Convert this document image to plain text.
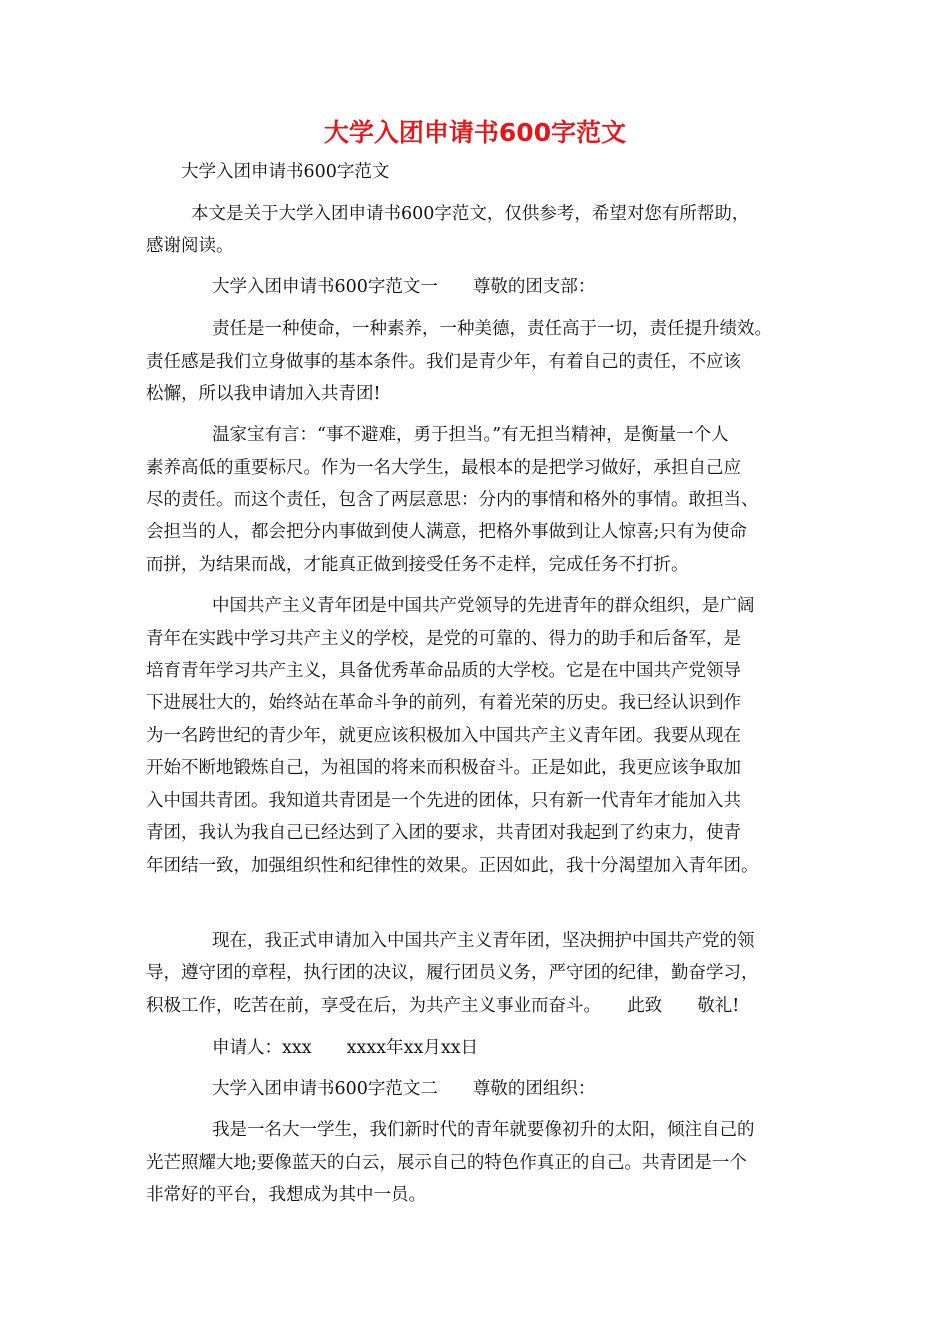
大学入团申请书600字范文
大学入团申请书600字范文
本文是关于大学入团申请书600字范文，仅供参考，希望对您有所帮助，
感谢阅读。
大学入团申请书600字范文一　　尊敬的团支部：
责任是一种使命，一种素养，一种美德，责任高于一切，责任提升绩效。
责任感是我们立身做事的基本条件。我们是青少年，有着自己的责任，不应该
松懈，所以我申请加入共青团!
温家宝有言：“事不避难，勇于担当。”有无担当精神，是衡量一个人
素养高低的重要标尺。作为一名大学生，最根本的是把学习做好，承担自己应
尽的责任。而这个责任，包含了两层意思：分内的事情和格外的事情。敢担当、
会担当的人，都会把分内事做到使人满意，把格外事做到让人惊喜;只有为使命
而拼，为结果而战，才能真正做到接受任务不走样，完成任务不打折。
中国共产主义青年团是中国共产党领导的先进青年的群众组织，是广阔
青年在实践中学习共产主义的学校，是党的可靠的、得力的助手和后备军，是
培育青年学习共产主义，具备优秀革命品质的大学校。它是在中国共产党领导
下进展壮大的，始终站在革命斗争的前列，有着光荣的历史。我已经认识到作
为一名跨世纪的青少年，就更应该积极加入中国共产主义青年团。我要从现在
开始不断地锻炼自己，为祖国的将来而积极奋斗。正是如此，我更应该争取加
入中国共青团。我知道共青团是一个先进的团体，只有新一代青年才能加入共
青团，我认为我自己已经达到了入团的要求，共青团对我起到了约束力，使青
年团结一致，加强组织性和纪律性的效果。正因如此，我十分渴望加入青年团。
现在，我正式申请加入中国共产主义青年团，坚决拥护中国共产党的领
导，遵守团的章程，执行团的决议，履行团员义务，严守团的纪律，勤奋学习，
积极工作，吃苦在前，享受在后，为共产主义事业而奋斗。　　此致　　敬礼!
申请人：xxx　　xxxx年xx月xx日
大学入团申请书600字范文二　　尊敬的团组织：
我是一名大一学生，我们新时代的青年就要像初升的太阳，倾注自己的
光芒照耀大地;要像蓝天的白云，展示自己的特色作真正的自己。共青团是一个
非常好的平台，我想成为其中一员。
